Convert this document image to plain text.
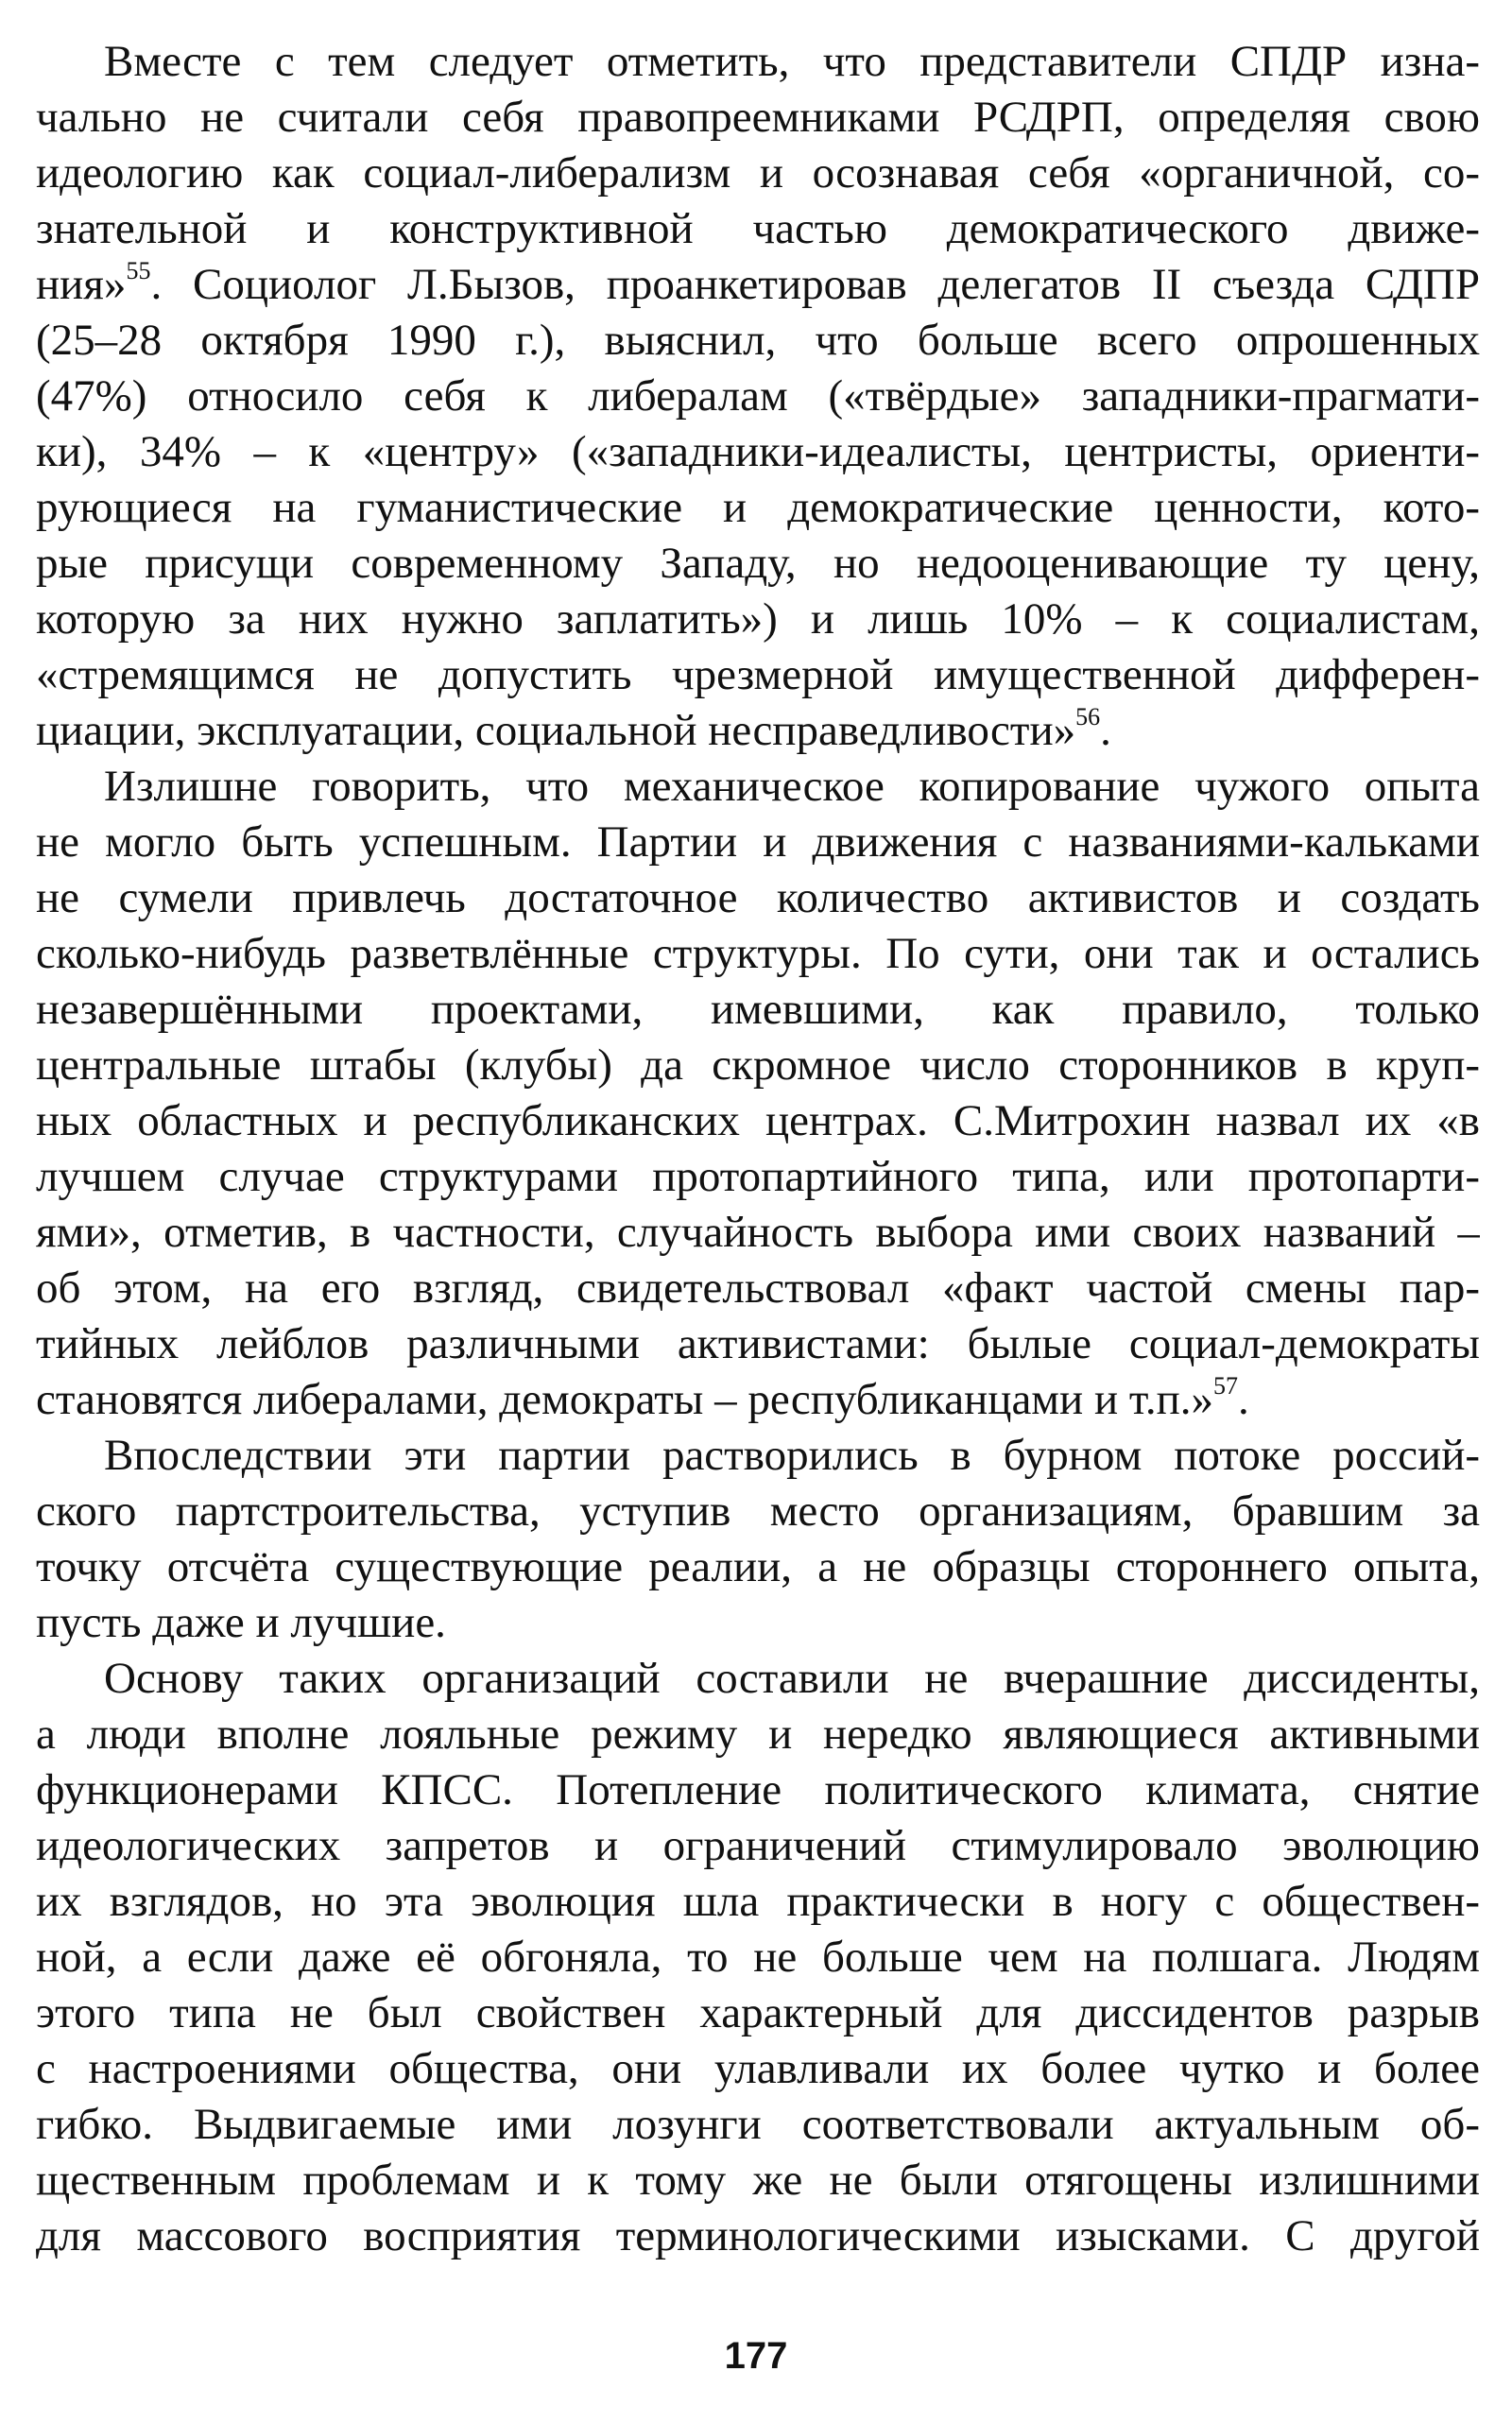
Вместе с тем следует отметить, что представители СПДР изна-
чально не считали себя правопреемниками РСДРП, определяя свою
идеологию как социал-либерализм и осознавая себя «органичной, со-
знательной и конструктивной частью демократического движе-
ния»$^{55}$. Социолог Л.Бызов, проанкетировав делегатов II съезда СДПР
(25–28 октября 1990 г.), выяснил, что больше всего опрошенных
(47%) относило себя к либералам («твёрдые» западники-прагмати-
ки), 34% – к «центру» («западники-идеалисты, центристы, ориенти-
рующиеся на гуманистические и демократические ценности, кото-
рые присущи современному Западу, но недооценивающие ту цену,
которую за них нужно заплатить») и лишь 10% – к социалистам,
«стремящимся не допустить чрезмерной имущественной дифферен-
циации, эксплуатации, социальной несправедливости»$^{56}$.
Излишне говорить, что механическое копирование чужого опыта
не могло быть успешным. Партии и движения с названиями-кальками
не сумели привлечь достаточное количество активистов и создать
сколько-нибудь разветвлённые структуры. По сути, они так и остались
незавершёнными проектами, имевшими, как правило, только
центральные штабы (клубы) да скромное число сторонников в круп-
ных областных и республиканских центрах. С.Митрохин назвал их «в
лучшем случае структурами протопартийного типа, или протопарти-
ями», отметив, в частности, случайность выбора ими своих названий –
об этом, на его взгляд, свидетельствовал «факт частой смены пар-
тийных лейблов различными активистами: былые социал-демократы
становятся либералами, демократы – республиканцами и т.п.»$^{57}$.
Впоследствии эти партии растворились в бурном потоке россий-
ского партстроительства, уступив место организациям, бравшим за
точку отсчёта существующие реалии, а не образцы стороннего опыта,
пусть даже и лучшие.
Основу таких организаций составили не вчерашние диссиденты,
а люди вполне лояльные режиму и нередко являющиеся активными
функционерами КПСС. Потепление политического климата, снятие
идеологических запретов и ограничений стимулировало эволюцию
их взглядов, но эта эволюция шла практически в ногу с обществен-
ной, а если даже её обгоняла, то не больше чем на полшага. Людям
этого типа не был свойствен характерный для диссидентов разрыв
с настроениями общества, они улавливали их более чутко и более
гибко. Выдвигаемые ими лозунги соответствовали актуальным об-
щественным проблемам и к тому же не были отягощены излишними
для массового восприятия терминологическими изысками. С другой
177
